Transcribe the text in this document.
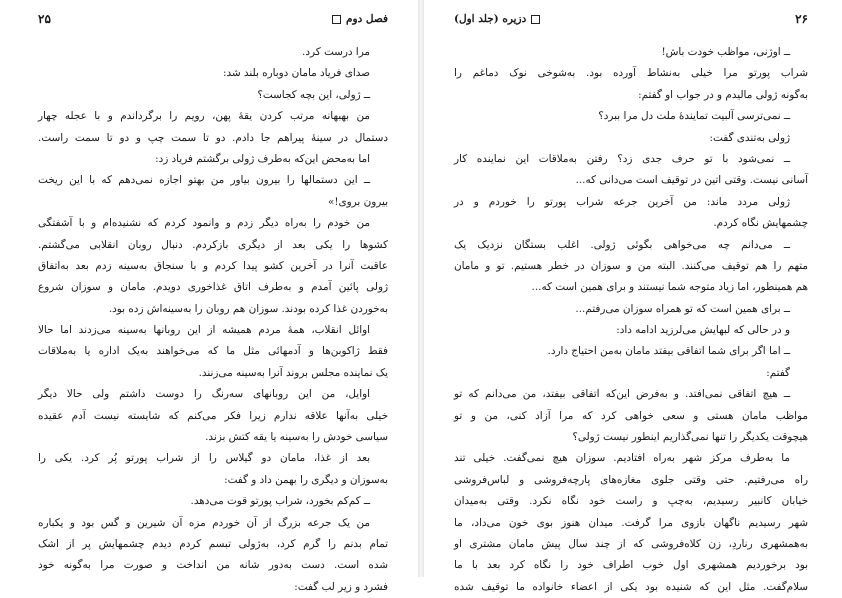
فصل دوم
۲۵

مرا درست کرد.

صدای فریاد مامان دوباره بلند شد:

ــ ژولی، این بچه کجاست؟

من بهبهانه مرتب کردن یقهٔ پهن، رویم را برگرداندم و با عجله چهار

دستمال در سینهٔ پیراهم جا دادم. دو تا سمت چپ و دو تا سمت راست.

اما به‌محض این‌که به‌طرف ژولی برگشتم فریاد زد:

ــ این دستمالها را بیرون بیاور من بهتو اجازه نمی‌دهم که با این ریخت

بیرون بروی!»

من خودم را به‌راه دیگر زدم و وانمود کردم که نشنیده‌ام و با آشفتگی

کشوها را یکی بعد از دیگری بازکردم. دنبال روبان انقلابی می‌گشتم.

عاقبت آنرا در آخرین کشو پیدا کردم و با سنجاق به‌سینه زدم بعد به‌اتفاق

ژولی پائین آمدم و به‌طرف اتاق غذاخوری دویدم. مامان و سوزان شروع

به‌خوردن غذا کرده بودند. سوزان هم روبان را به‌سینه‌اش زده بود.

اوائل انقلاب، همهٔ مردم همیشه از این روبانها به‌سینه می‌زدند اما حالا

فقط ژاکوبن‌ها و آدمهائی مثل ما که می‌خواهند به‌یک اداره یا به‌ملاقات

یک نماینده مجلس بروند آنرا به‌سینه می‌زنند.

اوایل، من این روبانهای سه‌رنگ را دوست داشتم ولی حالا دیگر

خیلی به‌آنها علاقه ندارم زیرا فکر می‌کنم که شایسته نیست آدم عقیده

سیاسی خودش را به‌سینه یا یقه کتش بزند.

بعد از غذا، مامان دو گیلاس را از شراب پورتو پُر کرد. یکی را

به‌سوزان و دیگری را بهمن داد و گفت:

ــ کم‌کم بخورد، شراب پورتو قوت می‌دهد.

من یک جرعه بزرگ از آن خوردم مزه آن شیرین و گس بود و یکباره

تمام بدنم را گرم کرد، به‌ژولی تبسم کردم دیدم چشمهایش پر از اشک

شده است. دست به‌دور شانه من انداخت و صورت مرا به‌گونه خود

فشرد و زیر لب گفت:

۲۶
دزیره (جلد اول)

ــ اوژنی، مواظب خودت باش!

شراب پورتو مرا خیلی به‌نشاط آورده بود. به‌شوخی نوک دماغم را

به‌گونه ژولی مالیدم و در جواب او گفتم:

ــ نمی‌ترسی آلبیت تمایندۀ ملت دل مرا ببرد؟

ژولی به‌تندی گفت:

ــ نمی‌شود با تو حرف جدی زد؟ رفتن به‌ملاقات این نماینده کار

آسانی نیست. وقتی اتین در توقیف است می‌دانی که...

ژولی مردد ماند: من آخرین جرعه شراب پورتو را خوردم و در

چشمهایش نگاه کردم.

ــ می‌دانم چه می‌خواهی بگوئی ژولی. اغلب بستگان نزدیک یک

متهم را هم توقیف می‌کنند. البته من و سوزان در خطر هستیم. تو و مامان

هم همینطور، اما زیاد متوجه شما نیستند و برای همین است که...

ــ برای همین است که تو همراه سوزان می‌رفتم...

و در حالی که لبهایش می‌لرزید ادامه داد:

ــ اما اگر برای شما اتفاقی بیفتد مامان به‌من احتیاج دارد.

گفتم:

ــ هیچ اتفاقی نمی‌افتد. و به‌فرض این‌که اتفاقی بیفتد، من می‌دانم که تو

مواظب مامان هستی و سعی خواهی کرد که مرا آزاد کنی، من و تو

هیچوقت یکدیگر را تنها نمی‌گذاریم اینطور نیست ژولی؟

ما به‌طرف مرکز شهر به‌راه افتادیم. سوزان هیچ نمی‌گفت. خیلی تند

راه می‌رفتیم. حتی وقتی جلوی مغازه‌های پارچه‌فروشی و لباس‌فروشی

خیابان کانبیر رسیدیم، به‌چپ و راست خود نگاه نکرد. وقتی به‌میدان

شهر رسیدیم ناگهان بازوی مرا گرفت. میدان هنوز بوی خون می‌داد، ما

به‌همشهری رناردِ، زن کلاه‌فروشی که از چند سال پیش مامان مشتری او

بود برخوردیم همشهری اول خوب اطراف خود را نگاه کرد بعد با ما

سلام‌گفت. مثل این که شنیده بود یکی از اعضاء خانواده ما توقیف شده
